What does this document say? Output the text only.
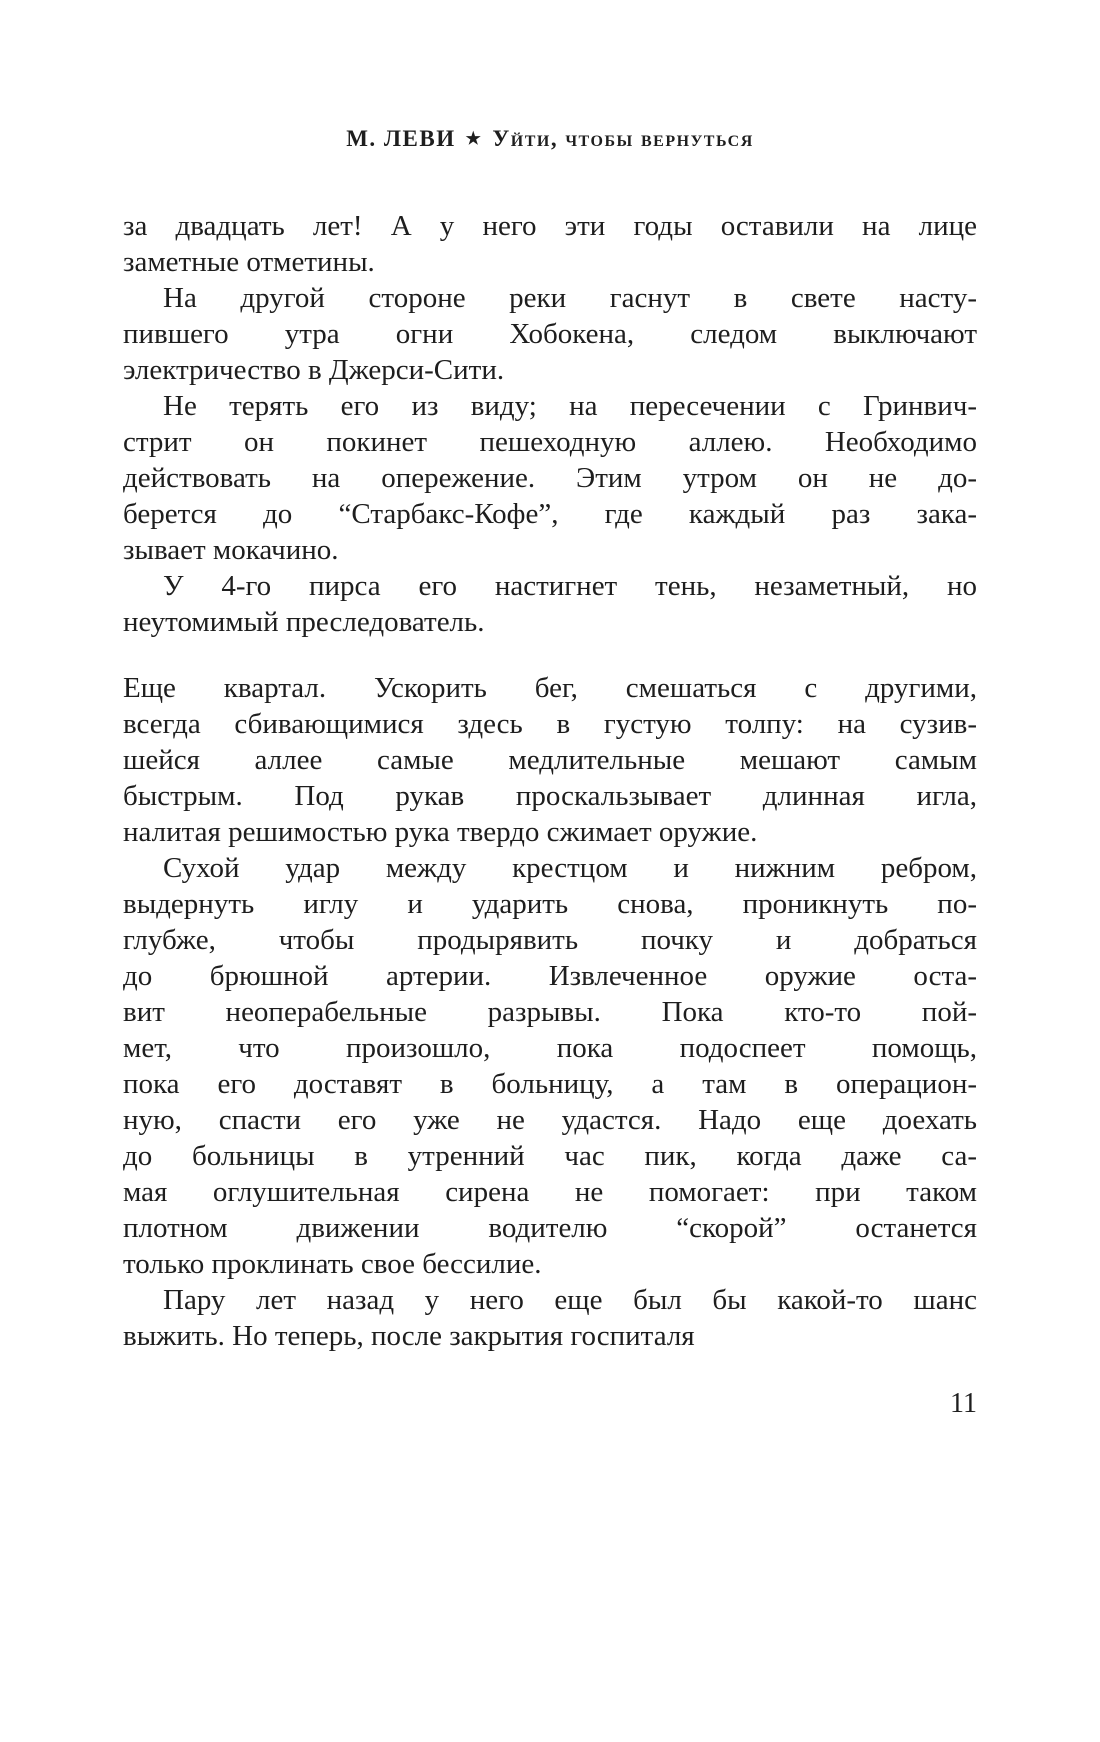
М. ЛЕВИ ★ Уйти, чтобы вернуться
за двадцать лет! А у него эти годы оставили на лице
заметные отметины.
На другой стороне реки гаснут в свете насту-
пившего утра огни Хобокена, следом выключают
электричество в Джерси-Сити.
Не терять его из виду; на пересечении с Гринвич-
стрит он покинет пешеходную аллею. Необходимо
действовать на опережение. Этим утром он не до-
берется до “Старбакс-Кофе”, где каждый раз зака-
зывает мокачино.
У 4-го пирса его настигнет тень, незаметный, но
неутомимый преследователь.
Еще квартал. Ускорить бег, смешаться с другими,
всегда сбивающимися здесь в густую толпу: на сузив-
шейся аллее самые медлительные мешают самым
быстрым. Под рукав проскальзывает длинная игла,
налитая решимостью рука твердо сжимает оружие.
Сухой удар между крестцом и нижним ребром,
выдернуть иглу и ударить снова, проникнуть по-
глубже, чтобы продырявить почку и добраться
до брюшной артерии. Извлеченное оружие оста-
вит неоперабельные разрывы. Пока кто-то пой-
мет, что произошло, пока подоспеет помощь,
пока его доставят в больницу, а там в операцион-
ную, спасти его уже не удастся. Надо еще доехать
до больницы в утренний час пик, когда даже са-
мая оглушительная сирена не помогает: при таком
плотном движении водителю “скорой” останется
только проклинать свое бессилие.
Пару лет назад у него еще был бы какой-то шанс
выжить. Но теперь, после закрытия госпиталя
11
